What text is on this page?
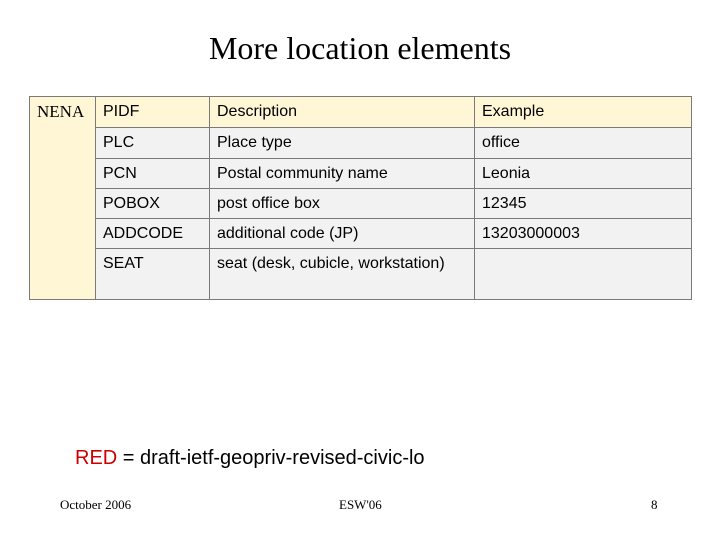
More location elements
NENA	PIDF	Description	Example
	PLC	Place type	office
	PCN	Postal community name	Leonia
	POBOX	post office box	12345
	ADDCODE	additional code (JP)	13203000003
	SEAT	seat (desk, cubicle, workstation)	
RED = draft-ietf-geopriv-revised-civic-lo
October 2006	ESW'06	8
